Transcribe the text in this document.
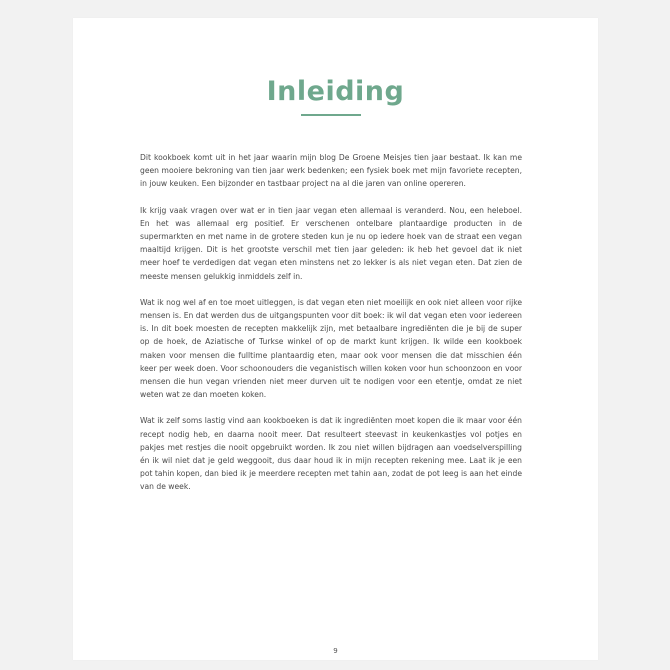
Inleiding

Dit kookboek komt uit in het jaar waarin mijn blog De Groene Meisjes tien jaar bestaat. Ik kan me geen mooiere bekroning van tien jaar werk bedenken; een fysiek boek met mijn favoriete recepten, in jouw keuken. Een bijzonder en tastbaar project na al die jaren van online opereren.

Ik krijg vaak vragen over wat er in tien jaar vegan eten allemaal is veranderd. Nou, een heleboel. En het was allemaal erg positief. Er verschenen ontelbare plantaardige producten in de supermarkten en met name in de grotere steden kun je nu op iedere hoek van de straat een vegan maaltijd krijgen. Dit is het grootste verschil met tien jaar geleden: ik heb het gevoel dat ik niet meer hoef te verdedigen dat vegan eten minstens net zo lekker is als niet vegan eten. Dat zien de meeste mensen gelukkig inmiddels zelf in.

Wat ik nog wel af en toe moet uitleggen, is dat vegan eten niet moeilijk en ook niet alleen voor rijke mensen is. En dat werden dus de uitgangspunten voor dit boek: ik wil dat vegan eten voor iedereen is. In dit boek moesten de recepten makkelijk zijn, met betaalbare ingrediënten die je bij de super op de hoek, de Aziatische of Turkse winkel of op de markt kunt krijgen. Ik wilde een kookboek maken voor mensen die fulltime plantaardig eten, maar ook voor mensen die dat misschien één keer per week doen. Voor schoonouders die veganistisch willen koken voor hun schoonzoon en voor mensen die hun vegan vrienden niet meer durven uit te nodigen voor een etentje, omdat ze niet weten wat ze dan moeten koken.

Wat ik zelf soms lastig vind aan kookboeken is dat ik ingrediënten moet kopen die ik maar voor één recept nodig heb, en daarna nooit meer. Dat resulteert steevast in keukenkastjes vol potjes en pakjes met restjes die nooit opgebruikt worden. Ik zou niet willen bijdragen aan voedselverspilling én ik wil niet dat je geld weggooit, dus daar houd ik in mijn recepten rekening mee. Laat ik je een pot tahin kopen, dan bied ik je meerdere recepten met tahin aan, zodat de pot leeg is aan het einde van de week.

9
